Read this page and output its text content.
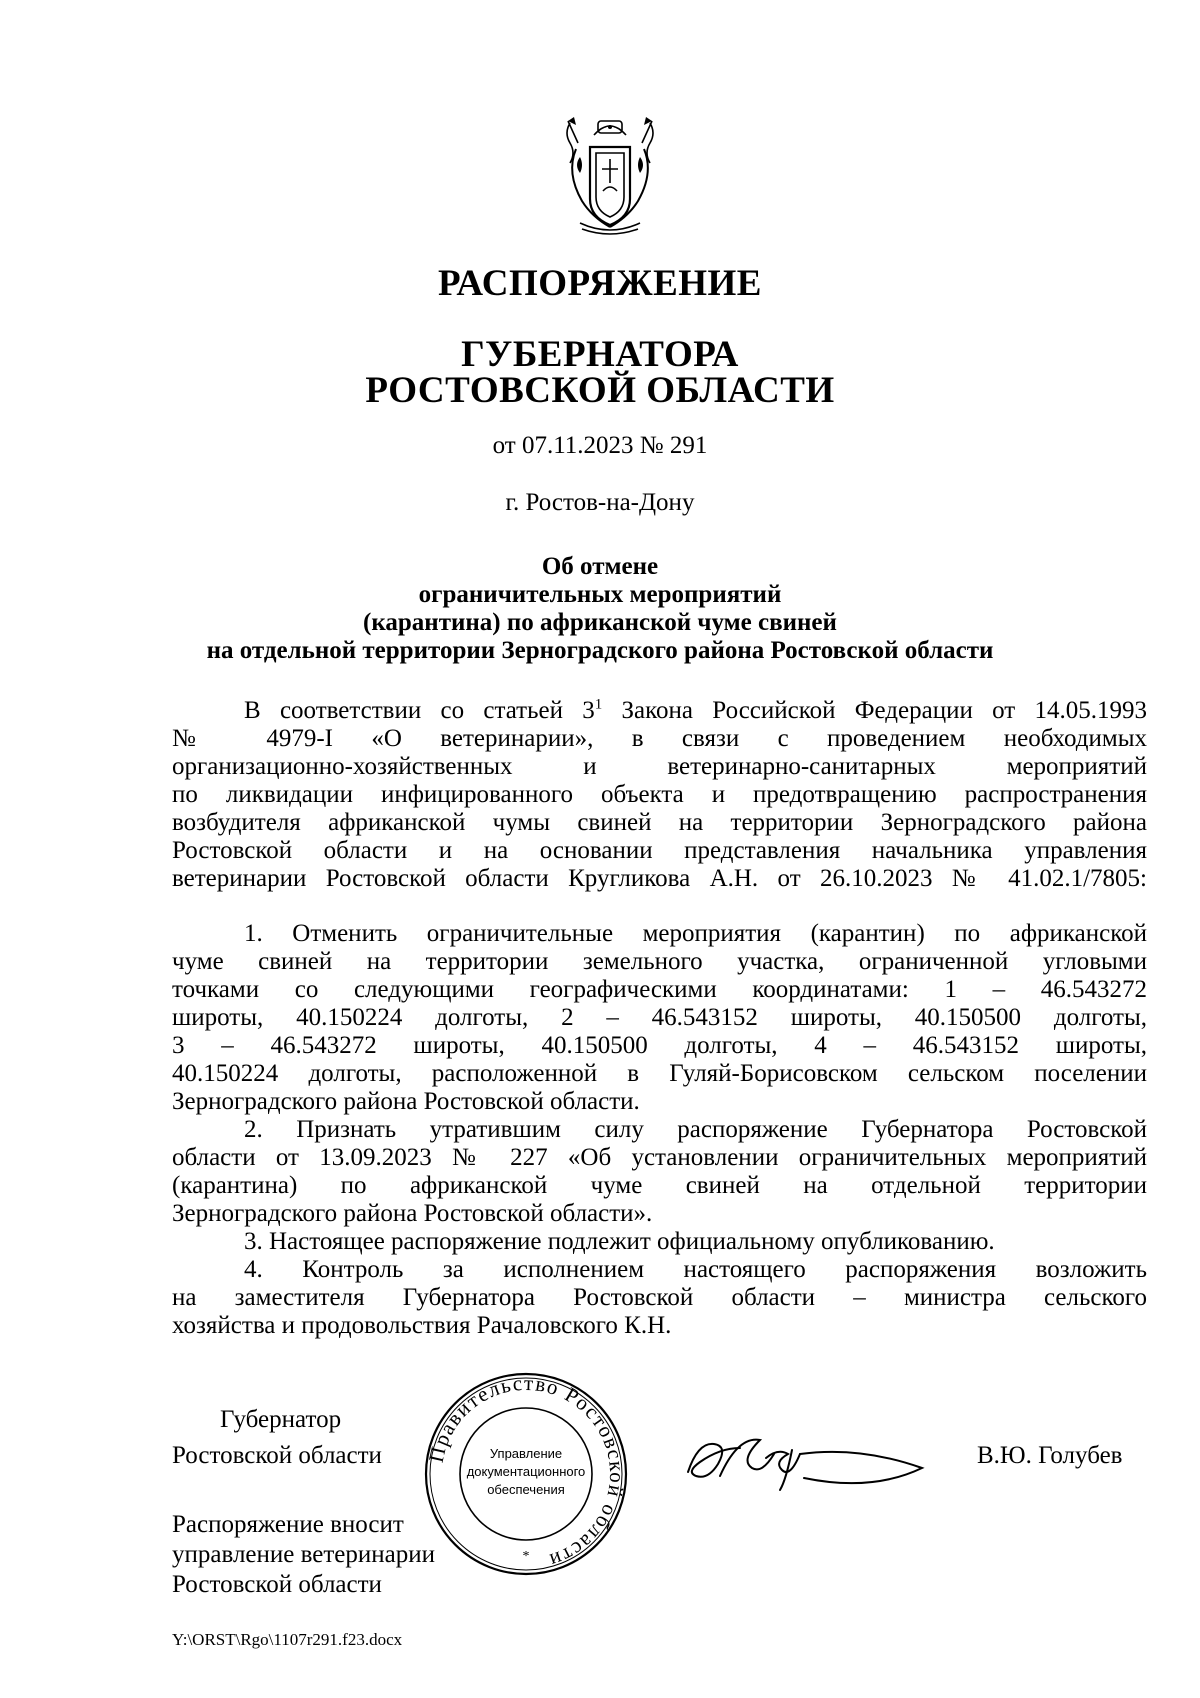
РАСПОРЯЖЕНИЕ
ГУБЕРНАТОРА
РОСТОВСКОЙ ОБЛАСТИ
от 07.11.2023 № 291
г. Ростов-на-Дону
Об отмене
ограничительных мероприятий
(карантина) по африканской чуме свиней
на отдельной территории Зерноградского района Ростовской области
В соответствии со статьей $3^1$ Закона Российской Федерации от 14.05.1993
№ 4979-I «О ветеринарии», в связи с проведением необходимых
организационно-хозяйственных и ветеринарно-санитарных мероприятий
по ликвидации инфицированного объекта и предотвращению распространения
возбудителя африканской чумы свиней на территории Зерноградского района
Ростовской области и на основании представления начальника управления
ветеринарии Ростовской области Кругликова А.Н. от 26.10.2023 № 41.02.1/7805:
1. Отменить ограничительные мероприятия (карантин) по африканской
чуме свиней на территории земельного участка, ограниченной угловыми
точками со следующими географическими координатами: 1 – 46.543272
широты, 40.150224 долготы, 2 – 46.543152 широты, 40.150500 долготы,
3 – 46.543272 широты, 40.150500 долготы, 4 – 46.543152 широты,
40.150224 долготы, расположенной в Гуляй-Борисовском сельском поселении
Зерноградского района Ростовской области.
2. Признать утратившим силу распоряжение Губернатора Ростовской
области от 13.09.2023 № 227 «Об установлении ограничительных мероприятий
(карантина) по африканской чуме свиней на отдельной территории
Зерноградского района Ростовской области».
3. Настоящее распоряжение подлежит официальному опубликованию.
4. Контроль за исполнением настоящего распоряжения возложить
на заместителя Губернатора Ростовской области – министра сельского
хозяйства и продовольствия Рачаловского К.Н.
Губернатор
Ростовской области	В.Ю. Голубев
Распоряжение вносит
управление ветеринарии
Ростовской области
Правительство Ростовской области
Управление
документационного
обеспечения
*
Y:\ORST\Rgo\1107r291.f23.docx
